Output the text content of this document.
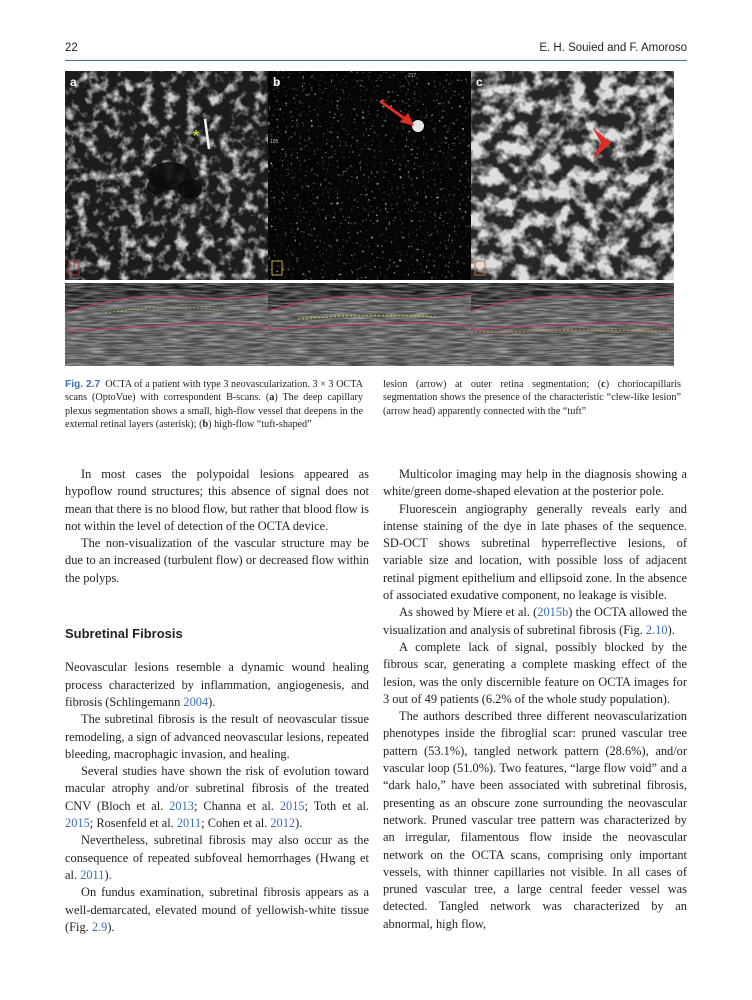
22	E. H. Souied and F. Amoroso
*
a	217
105
b
105
c
Fig. 2.7 OCTA of a patient with type 3 neovascularization. 3 × 3 OCTA scans (OptoVue) with correspondent B-scans. (a) The deep capillary plexus segmentation shows a small, high-flow vessel that deepens in the external retinal layers (asterisk); (b) high-flow “tuft-shaped”
lesion (arrow) at outer retina segmentation; (c) choriocapillaris segmentation shows the presence of the characteristic “clew-like lesion” (arrow head) apparently connected with the “tuft”

In most cases the polypoidal lesions appeared as hypoflow round structures; this absence of signal does not mean that there is no blood flow, but rather that blood flow is not within the level of detection of the OCTA device.

The non-visualization of the vascular structure may be due to an increased (turbulent flow) or decreased flow within the polyps.

Subretinal Fibrosis

Neovascular lesions resemble a dynamic wound healing process characterized by inflammation, angiogenesis, and fibrosis (Schlingemann 2004).

The subretinal fibrosis is the result of neovascular tissue remodeling, a sign of advanced neovascular lesions, repeated bleeding, macrophagic invasion, and healing.

Several studies have shown the risk of evolution toward macular atrophy and/or subretinal fibrosis of the treated CNV (Bloch et al. 2013; Channa et al. 2015; Toth et al. 2015; Rosenfeld et al. 2011; Cohen et al. 2012).

Nevertheless, subretinal fibrosis may also occur as the consequence of repeated subfoveal hemorrhages (Hwang et al. 2011).

On fundus examination, subretinal fibrosis appears as a well-demarcated, elevated mound of yellowish-white tissue (Fig. 2.9).

Multicolor imaging may help in the diagnosis showing a white/green dome-shaped elevation at the posterior pole.

Fluorescein angiography generally reveals early and intense staining of the dye in late phases of the sequence. SD-OCT shows subretinal hyperreflective lesions, of variable size and location, with possible loss of adjacent retinal pigment epithelium and ellipsoid zone. In the absence of associated exudative component, no leakage is visible.

As showed by Miere et al. (2015b) the OCTA allowed the visualization and analysis of subretinal fibrosis (Fig. 2.10).

A complete lack of signal, possibly blocked by the fibrous scar, generating a complete masking effect of the lesion, was the only discernible feature on OCTA images for 3 out of 49 patients (6.2% of the whole study population).

The authors described three different neovascularization phenotypes inside the fibroglial scar: pruned vascular tree pattern (53.1%), tangled network pattern (28.6%), and/or vascular loop (51.0%). Two features, “large flow void” and a “dark halo,” have been associated with subretinal fibrosis, presenting as an obscure zone surrounding the neovascular network. Pruned vascular tree pattern was characterized by an irregular, filamentous flow inside the neovascular network on the OCTA scans, comprising only important vessels, with thinner capillaries not visible. In all cases of pruned vascular tree, a large central feeder vessel was detected. Tangled network was characterized by an abnormal, high flow,
